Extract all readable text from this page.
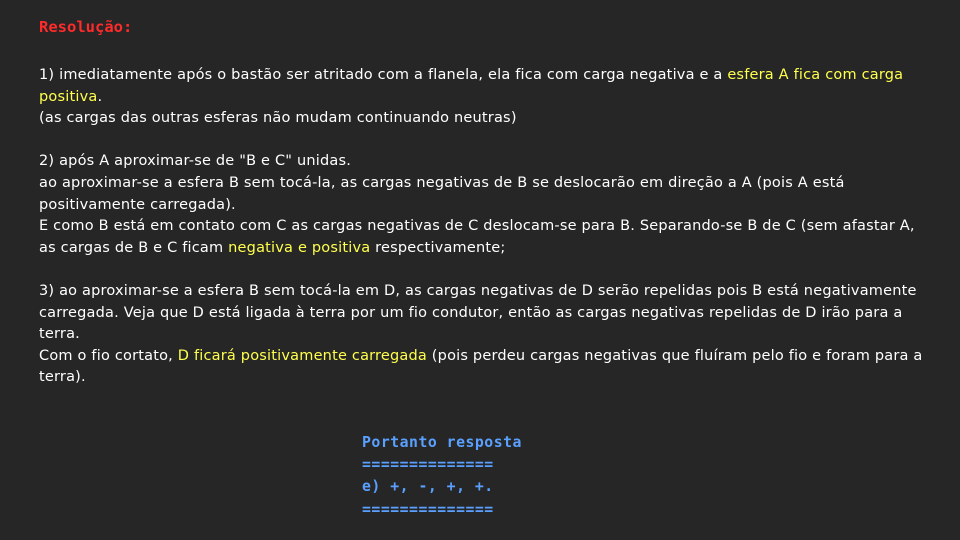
Resolução:

1) imediatamente após o bastão ser atritado com a flanela, ela fica com carga negativa e a esfera A fica com carga positiva.
(as cargas das outras esferas não mudam continuando neutras)

2) após A aproximar-se de "B e C" unidas.
ao aproximar-se a esfera B sem tocá-la, as cargas negativas de B se deslocarão em direção a A (pois A está positivamente carregada).
E como B está em contato com C as cargas negativas de C deslocam-se para B. Separando-se B de C (sem afastar A, as cargas de B e C ficam negativa e positiva respectivamente;

3) ao aproximar-se a esfera B sem tocá-la em D, as cargas negativas de D serão repelidas pois B está negativamente carregada. Veja que D está ligada à terra por um fio condutor, então as cargas negativas repelidas de D irão para a terra.
Com o fio cortato, D ficará positivamente carregada (pois perdeu cargas negativas que fluíram pelo fio e foram para a terra).

Portanto resposta
==============
e) +, -, +, +.
==============
